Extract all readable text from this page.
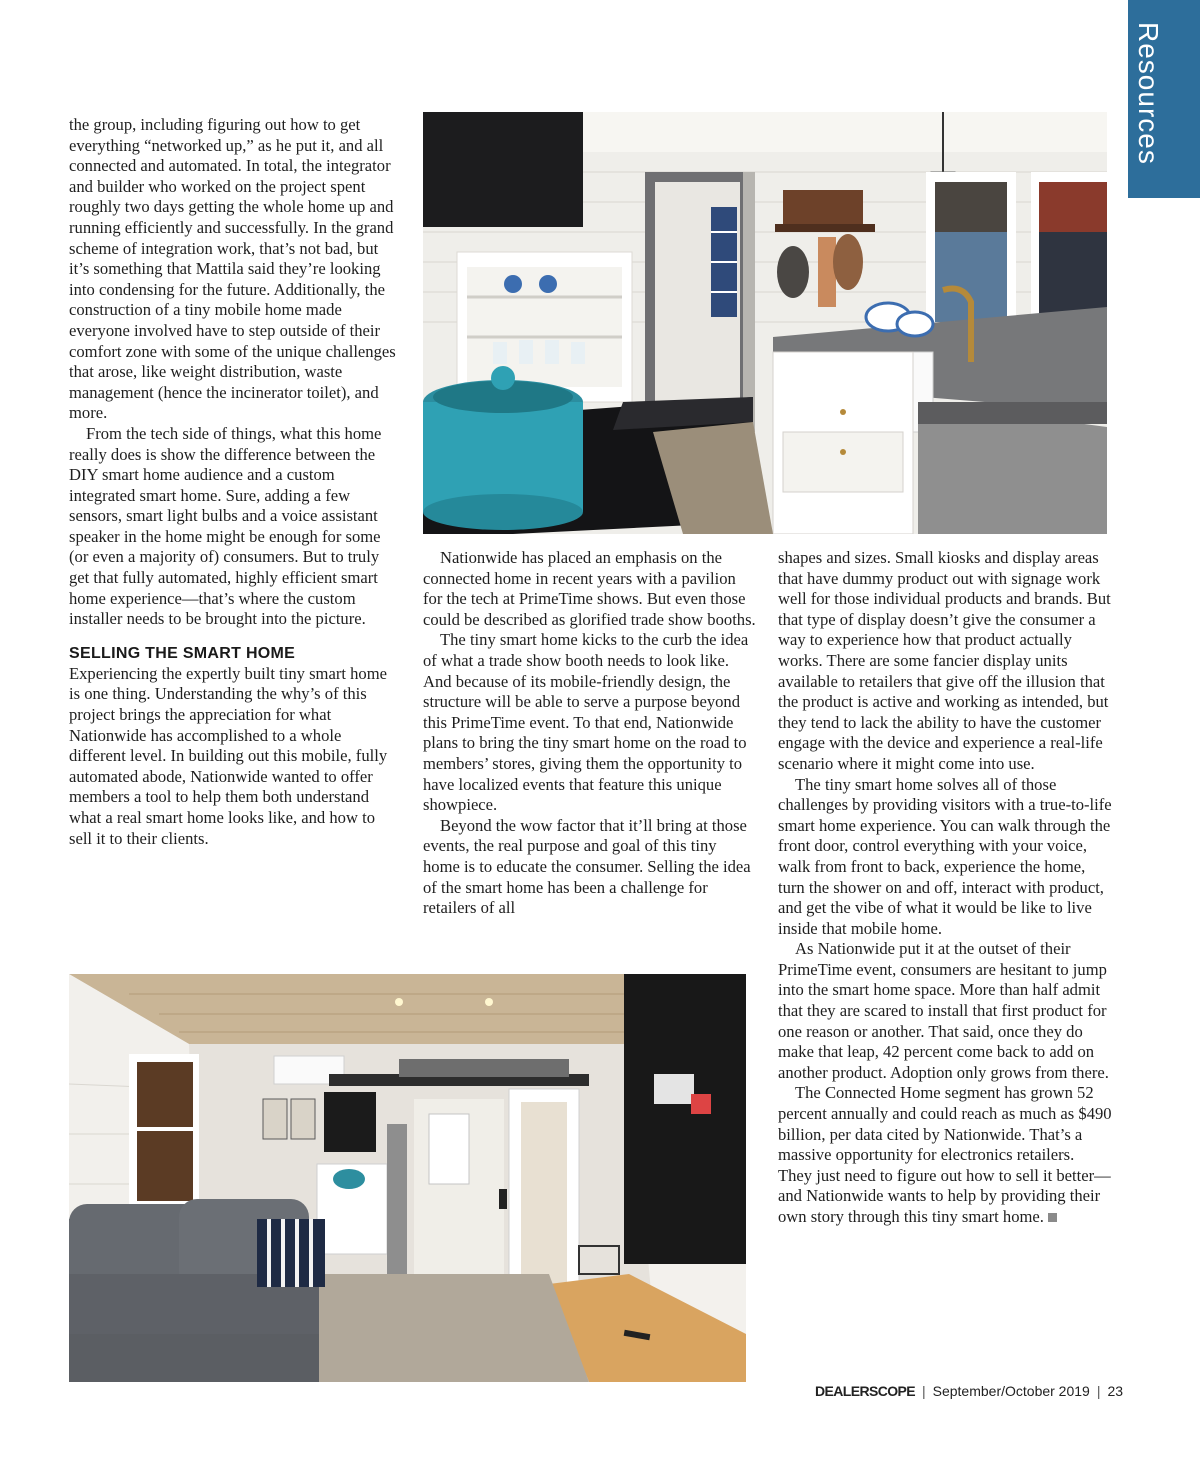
Resources

the group, including figuring out how to get everything “networked up,” as he put it, and all connected and automated. In total, the integrator and builder who worked on the project spent roughly two days getting the whole home up and running efficiently and successfully. In the grand scheme of integration work, that’s not bad, but it’s something that Mattila said they’re looking into condensing for the future. Additionally, the construction of a tiny mobile home made everyone involved have to step outside of their comfort zone with some of the unique challenges that arose, like weight distribution, waste management (hence the incinerator toilet), and more.

From the tech side of things, what this home really does is show the difference between the DIY smart home audience and a custom integrated smart home. Sure, adding a few sensors, smart light bulbs and a voice assistant speaker in the home might be enough for some (or even a majority of) consumers. But to truly get that fully automated, highly efficient smart home experience—that’s where the custom installer needs to be brought into the picture.

SELLING THE SMART HOME

Experiencing the expertly built tiny smart home is one thing. Understanding the why’s of this project brings the appreciation for what Nationwide has accomplished to a whole different level. In building out this mobile, fully automated abode, Nationwide wanted to offer members a tool to help them both understand what a real smart home looks like, and how to sell it to their clients.

Nationwide has placed an emphasis on the connected home in recent years with a pavilion for the tech at PrimeTime shows. But even those could be described as glorified trade show booths.

The tiny smart home kicks to the curb the idea of what a trade show booth needs to look like. And because of its mobile-friendly design, the structure will be able to serve a purpose beyond this PrimeTime event. To that end, Nationwide plans to bring the tiny smart home on the road to members’ stores, giving them the opportunity to have localized events that feature this unique showpiece.

Beyond the wow factor that it’ll bring at those events, the real purpose and goal of this tiny home is to educate the consumer. Selling the idea of the smart home has been a challenge for retailers of all

shapes and sizes. Small kiosks and display areas that have dummy product out with signage work well for those individual products and brands. But that type of display doesn’t give the consumer a way to experience how that product actually works. There are some fancier display units available to retailers that give off the illusion that the product is active and working as intended, but they tend to lack the ability to have the customer engage with the device and experience a real-life scenario where it might come into use.

The tiny smart home solves all of those challenges by providing visitors with a true-to-life smart home experience. You can walk through the front door, control everything with your voice, walk from front to back, experience the home, turn the shower on and off, interact with product, and get the vibe of what it would be like to live inside that mobile home.

As Nationwide put it at the outset of their PrimeTime event, consumers are hesitant to jump into the smart home space. More than half admit that they are scared to install that first product for one reason or another. That said, once they do make that leap, 42 percent come back to add on another product. Adoption only grows from there.

The Connected Home segment has grown 52 percent annually and could reach as much as $490 billion, per data cited by Nationwide. That’s a massive opportunity for electronics retailers. They just need to figure out how to sell it better—and Nationwide wants to help by providing their own story through this tiny smart home.

DEALERSCOPE | September/October 2019 | 23
